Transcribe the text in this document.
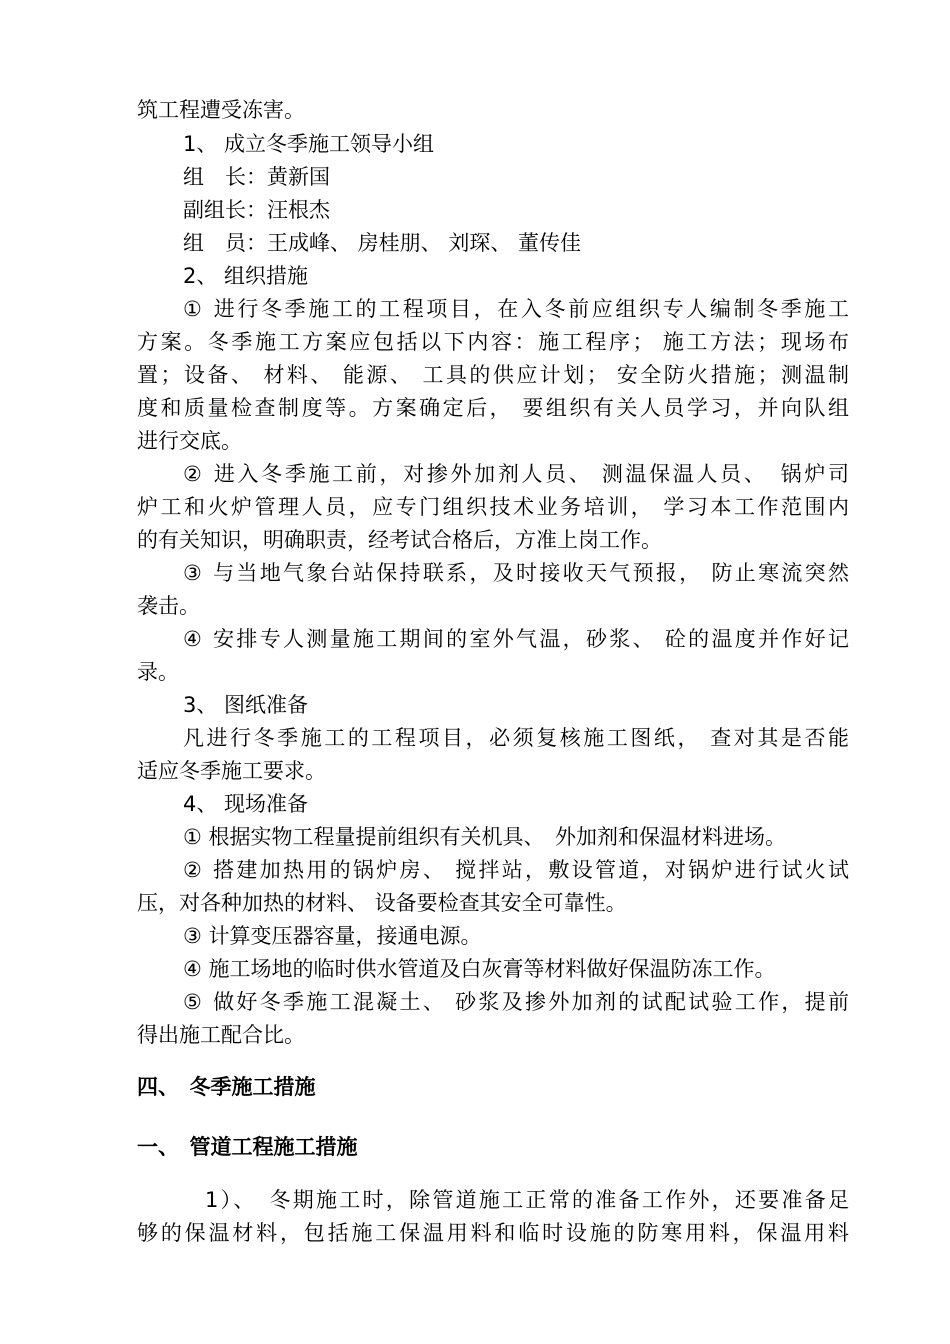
筑工程遭受冻害。
1、 成立冬季施工领导小组
组　长：黄新国
副组长：汪根杰
组　员：王成峰、 房桂朋、 刘琛、 董传佳
2、 组织措施
① 进行冬季施工的工程项目，在入冬前应组织专人编制冬季施工
方案。冬季施工方案应包括以下内容：施工程序； 施工方法；现场布
置；设备、 材料、 能源、 工具的供应计划； 安全防火措施；测温制
度和质量检查制度等。方案确定后， 要组织有关人员学习，并向队组
进行交底。
② 进入冬季施工前，对掺外加剂人员、 测温保温人员、　锅炉司
炉工和火炉管理人员，应专门组织技术业务培训， 学习本工作范围内
的有关知识，明确职责，经考试合格后，方准上岗工作。
③ 与当地气象台站保持联系，及时接收天气预报， 防止寒流突然
袭击。
④ 安排专人测量施工期间的室外气温，砂浆、 砼的温度并作好记
录。
3、 图纸准备
凡进行冬季施工的工程项目，必须复核施工图纸， 查对其是否能
适应冬季施工要求。
4、 现场准备
① 根据实物工程量提前组织有关机具、　外加剂和保温材料进场。
② 搭建加热用的锅炉房、 搅拌站，敷设管道，对锅炉进行试火试
压，对各种加热的材料、 设备要检查其安全可靠性。
③ 计算变压器容量，接通电源。
④ 施工场地的临时供水管道及白灰膏等材料做好保温防冻工作。
⑤ 做好冬季施工混凝土、 砂浆及掺外加剂的试配试验工作，提前
得出施工配合比。
四、　冬季施工措施
一、　管道工程施工措施
1）、　冬期施工时，除管道施工正常的准备工作外，还要准备足
够的保温材料，包括施工保温用料和临时设施的防寒用料，保温用料
